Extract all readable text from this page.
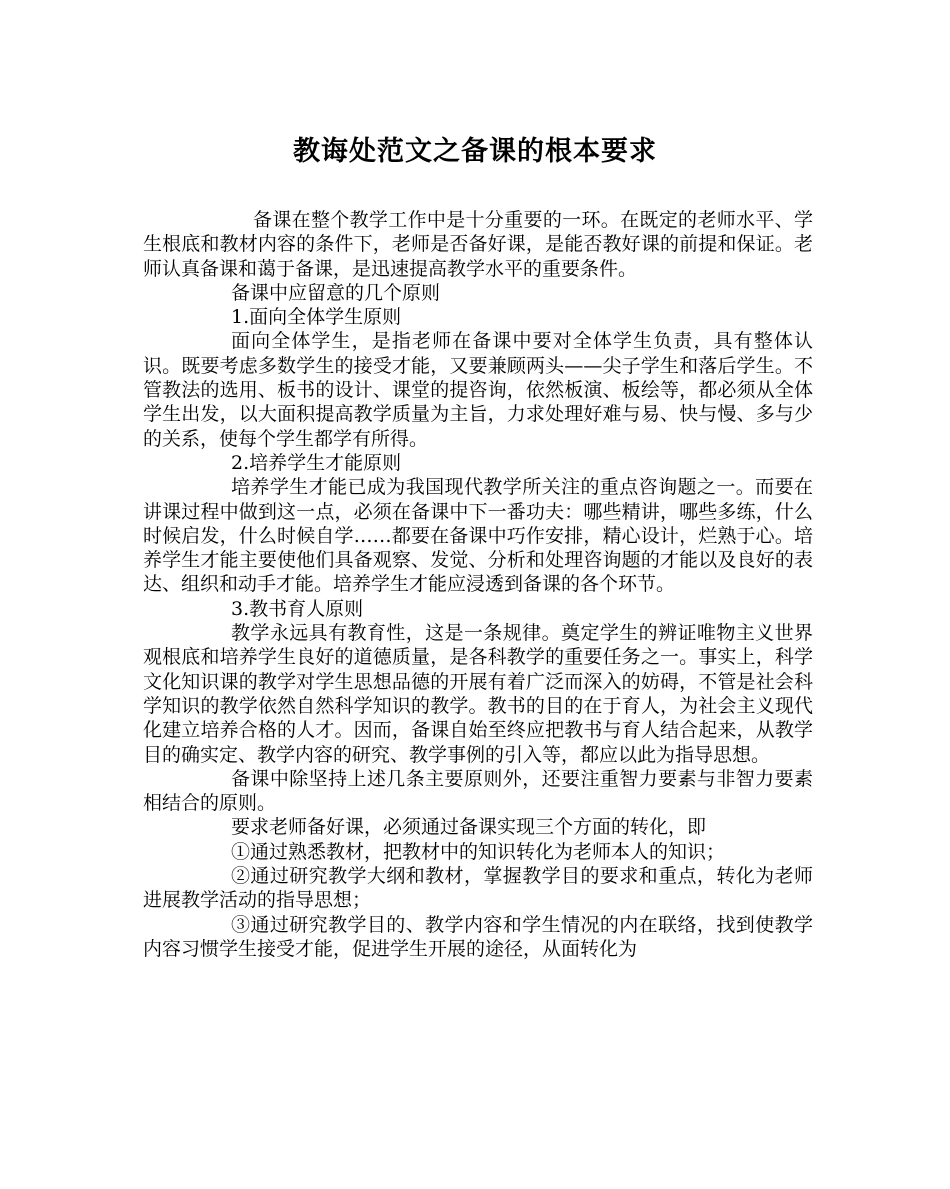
教诲处范文之备课的根本要求

备课在整个教学工作中是十分重要的一环。在既定的老师水平、学生根底和教材内容的条件下，老师是否备好课，是能否教好课的前提和保证。老师认真备课和蔼于备课，是迅速提高教学水平的重要条件。

备课中应留意的几个原则

1.面向全体学生原则

面向全体学生，是指老师在备课中要对全体学生负责，具有整体认识。既要考虑多数学生的接受才能，又要兼顾两头——尖子学生和落后学生。不管教法的选用、板书的设计、课堂的提咨询，依然板演、板绘等，都必须从全体学生出发，以大面积提高教学质量为主旨，力求处理好难与易、快与慢、多与少的关系，使每个学生都学有所得。

2.培养学生才能原则

培养学生才能已成为我国现代教学所关注的重点咨询题之一。而要在讲课过程中做到这一点，必须在备课中下一番功夫：哪些精讲，哪些多练，什么时候启发，什么时候自学……都要在备课中巧作安排，精心设计，烂熟于心。培养学生才能主要使他们具备观察、发觉、分析和处理咨询题的才能以及良好的表达、组织和动手才能。培养学生才能应浸透到备课的各个环节。

3.教书育人原则

教学永远具有教育性，这是一条规律。奠定学生的辨证唯物主义世界观根底和培养学生良好的道德质量，是各科教学的重要任务之一。事实上，科学文化知识课的教学对学生思想品德的开展有着广泛而深入的妨碍，不管是社会科学知识的教学依然自然科学知识的教学。教书的目的在于育人，为社会主义现代化建立培养合格的人才。因而，备课自始至终应把教书与育人结合起来，从教学目的确实定、教学内容的研究、教学事例的引入等，都应以此为指导思想。

备课中除坚持上述几条主要原则外，还要注重智力要素与非智力要素相结合的原则。

要求老师备好课，必须通过备课实现三个方面的转化，即

①通过熟悉教材，把教材中的知识转化为老师本人的知识；

②通过研究教学大纲和教材，掌握教学目的要求和重点，转化为老师进展教学活动的指导思想；

③通过研究教学目的、教学内容和学生情况的内在联络，找到使教学内容习惯学生接受才能，促进学生开展的途径，从面转化为
